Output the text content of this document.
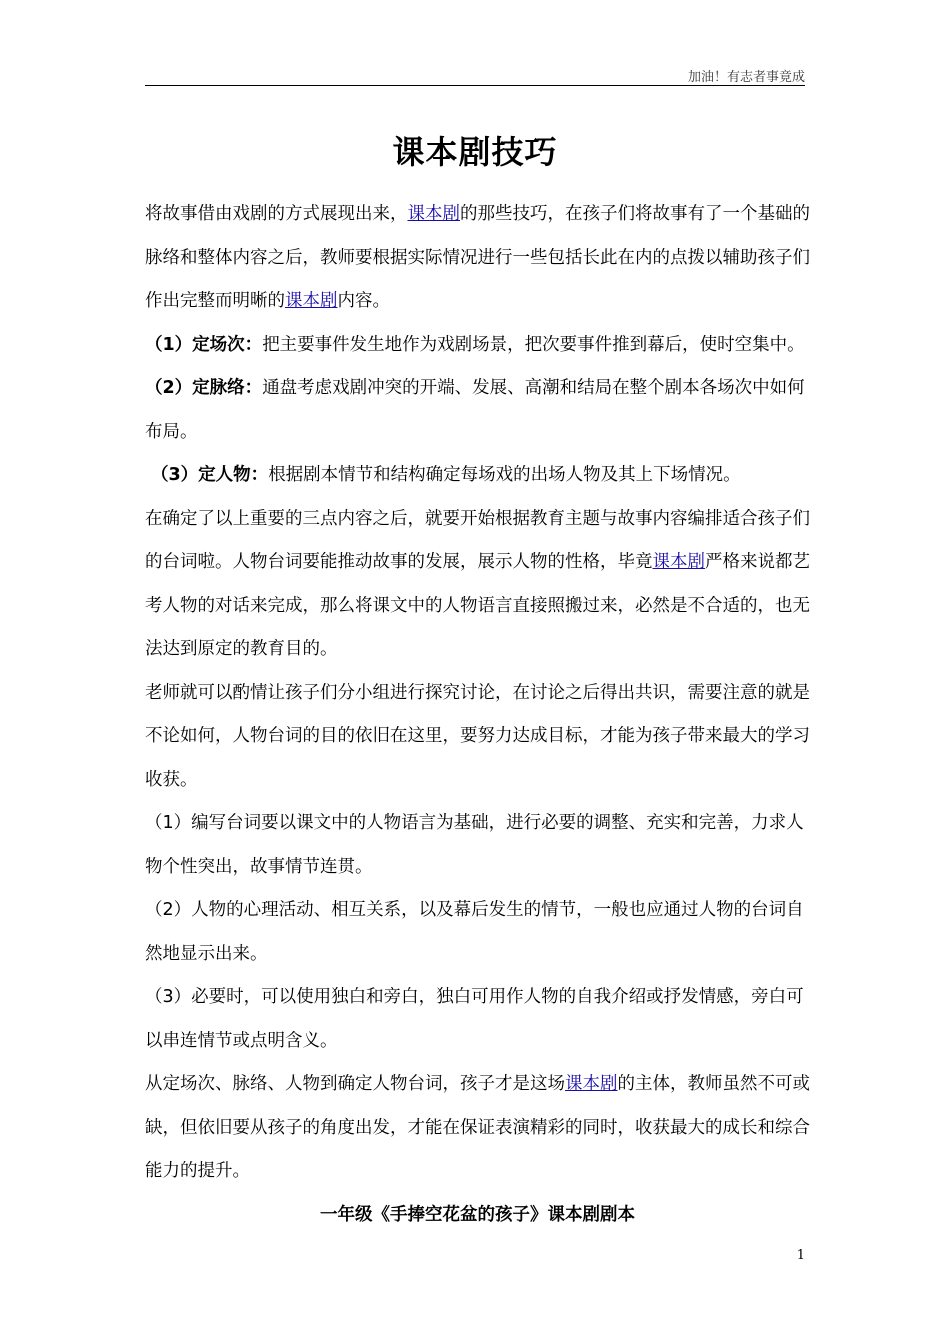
加油！有志者事竟成
课本剧技巧

将故事借由戏剧的方式展现出来，课本剧的那些技巧，在孩子们将故事有了一个基础的脉络和整体内容之后，教师要根据实际情况进行一些包括长此在内的点拨以辅助孩子们作出完整而明晰的课本剧内容。

（1）定场次：把主要事件发生地作为戏剧场景，把次要事件推到幕后，使时空集中。

（2）定脉络：通盘考虑戏剧冲突的开端、发展、高潮和结局在整个剧本各场次中如何布局。

（3）定人物：根据剧本情节和结构确定每场戏的出场人物及其上下场情况。

在确定了以上重要的三点内容之后，就要开始根据教育主题与故事内容编排适合孩子们的台词啦。人物台词要能推动故事的发展，展示人物的性格，毕竟课本剧严格来说都艺考人物的对话来完成，那么将课文中的人物语言直接照搬过来，必然是不合适的，也无法达到原定的教育目的。

老师就可以酌情让孩子们分小组进行探究讨论，在讨论之后得出共识，需要注意的就是不论如何，人物台词的目的依旧在这里，要努力达成目标，才能为孩子带来最大的学习收获。

（1）编写台词要以课文中的人物语言为基础，进行必要的调整、充实和完善，力求人物个性突出，故事情节连贯。

（2）人物的心理活动、相互关系，以及幕后发生的情节，一般也应通过人物的台词自然地显示出来。

（3）必要时，可以使用独白和旁白，独白可用作人物的自我介绍或抒发情感，旁白可以串连情节或点明含义。

从定场次、脉络、人物到确定人物台词，孩子才是这场课本剧的主体，教师虽然不可或缺，但依旧要从孩子的角度出发，才能在保证表演精彩的同时，收获最大的成长和综合能力的提升。

一年级《手捧空花盆的孩子》课本剧剧本

1
